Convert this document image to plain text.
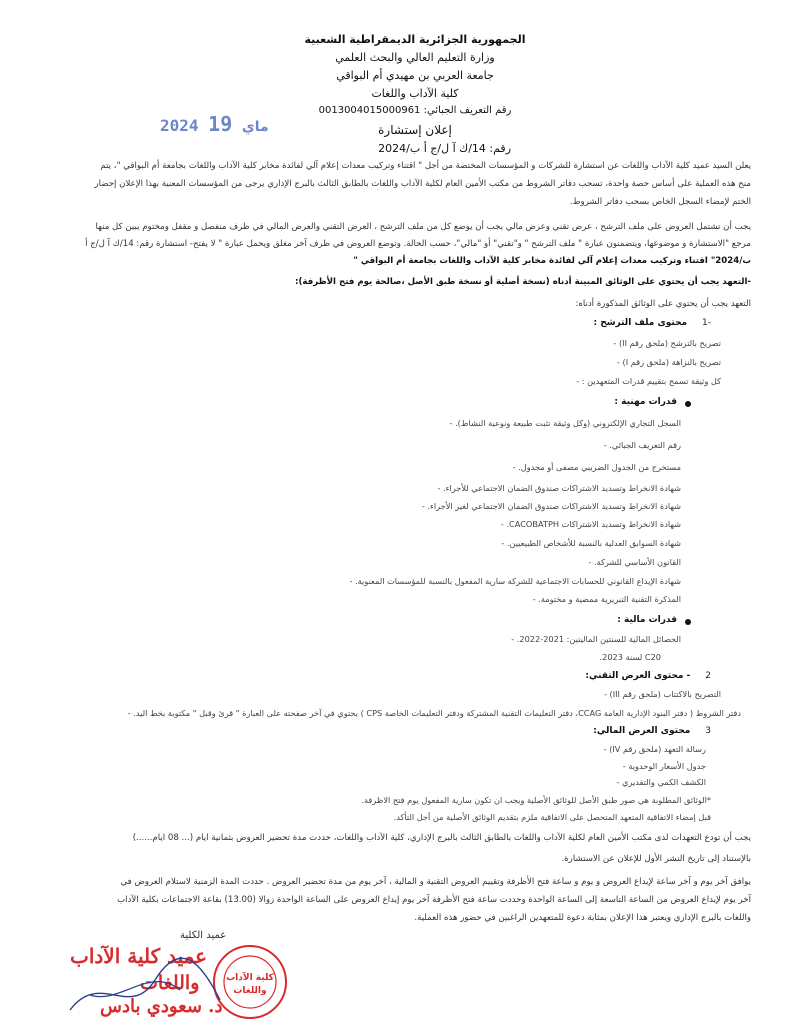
الجمهورية الجزائرية الديمقراطية الشعبية
وزارة التعليم العالي والبحث العلمي
جامعة العربي بن مهيدي أم البواقي
كلية الآداب واللغات
رقم التعريف الجبائي: 0013004015000961
2024	ماي 19	إعلان إستشارة
رقم: 14/ك آ ل/ج أ ب/2024
يعلن السيد عميد كلية الآداب واللغات عن استشارة للشركات و المؤسسات المختصة من أجل " اقتناء وتركيب معدات إعلام آلي لفائدة مخابر كلية الآداب واللغات بجامعة أم البواقي "، يتم
منح هذه العملية على أساس حصة واحدة، تسحب دفاتر الشروط من مكتب الأمين العام لكلية الآداب واللغات بالطابق الثالث بالبرج الإداري يرجى من المؤسسات المعنية بهذا الإعلان إحضار
الختم لإمضاء السجل الخاص بسحب دفاتر الشروط.
يجب أن تشتمل العروض على ملف الترشح ، عرض تقني وعرض مالي يجب أن يوضع كل من ملف الترشح ، العرض التقني والعرض المالي في ظرف منفصل و مقفل ومختوم يبين كل منها
مرجع "الاستشارة و موضوعها، ويتضمنون عبارة " ملف الترشح " و"تقني" أو "مالي"، حسب الحالة. وتوضع العروض في ظرف آخر مغلق ويحمل عبارة " لا يفتح- استشارة رقم: 14/ك آ ل/ج أ
ب/2024" اقتناء وتركيب معدات إعلام آلي لفائدة مخابر كلية الآداب واللغات بجامعة أم البواقي "
-التعهد يجب أن يحتوي على الوثائق المبينة أدناه (نسخة أصلية أو نسخة طبق الأصل ،صالحة يوم فتح الأظرفة):
التعهد يجب أن يحتوي على الوثائق المذكورة أدناه:
-1 محتوى ملف الترشح :
تصريح بالترشح (ملحق رقم II) -
تصريح بالنزاهة (ملحق رقم I) -
كل وثيقة تسمح بتقييم قدرات المتعهدين : -
قدرات مهنية :
السجل التجاري الإلكتروني (وكل وثيقة تثبت طبيعة ونوعية النشاط). -
رقم التعريف الجبائي. -
مستخرج من الجدول الضريبي مصفى أو مجدول. -
شهادة الانخراط وتسديد الاشتراكات صندوق الضمان الاجتماعي للأجراء. -
شهادة الانخراط وتسديد الاشتراكات صندوق الضمان الاجتماعي لغير الأجراء. -
شهادة الانخراط وتسديد الاشتراكات CACOBATPH. -
شهادة السوابق العدلية بالنسبة للأشخاص الطبيعيين. -
القانون الأساسي للشركة. -
شهادة الإيداع القانوني للحسابات الاجتماعية للشركة سارية المفعول بالنسبة للمؤسسات المعنوية. -
المذكرة التقنية التبريرية ممضية و مختومة. -
قدرات مالية :
الحصائل المالية للسنتين الماليتين: 2021-2022. -
C20 لسنة 2023.
2 - محتوى العرض التقني:
التصريح بالاكتتاب (ملحق رقم III) -
دفتر الشروط ( دفتر البنود الإدارية العامة CCAG، دفتر التعليمات التقنية المشتركة ودفتر التعليمات الخاصة CPS ) يحتوي في آخر صفحته على العبارة " قرئ وقبل " مكتوبة بخط اليد. -
3 محتوى العرض المالي:
رسالة التعهد (ملحق رقم IV) -
جدول الأسعار الوحدوية -
الكشف الكمي والتقديري -
*الوثائق المطلوبة هي صور طبق الأصل للوثائق الأصلية ويجب ان تكون سارية المفعول يوم فتح الاظرفة.
قبل إمضاء الاتفاقية المتعهد المتحصل على الاتفاقية ملزم بتقديم الوثائق الأصلية من أجل التأكد.
يجب أن تودع التعهدات لدى مكتب الأمين العام لكلية الآداب واللغات بالطابق الثالث بالبرج الإداري، كلية الآداب واللغات، حددت مدة تحضير العروض بثمانية ايام (... 08 ايام......)
بالإستناد إلى تاريخ النشر الأول للإعلان عن الاستشارة.
يوافق آخر يوم و آخر ساعة لإيداع العروض و يوم و ساعة فتح الأظرفة وتقييم العروض التقنية و المالية ، آخر يوم من مدة تحضير العروض . حددت المدة الزمنية لاستلام العروض في
آخر يوم لإيداع العروض من الساعة التاسعة إلى الساعة الواحدة وحددت ساعة فتح الأظرفة آخر يوم إيداع العروض على الساعة الواحدة زوالا (13.00) بقاعة الاجتماعات بكلية الآداب
واللغات بالبرج الإداري ويعتبر هذا الإعلان بمثابة دعوة للمتعهدين الراغبين في حضور هذه العملية.
عميد الكلية
كلية الآداب
واللغات
عميد كلية الآداب
واللغات
د. سعودي بادس
